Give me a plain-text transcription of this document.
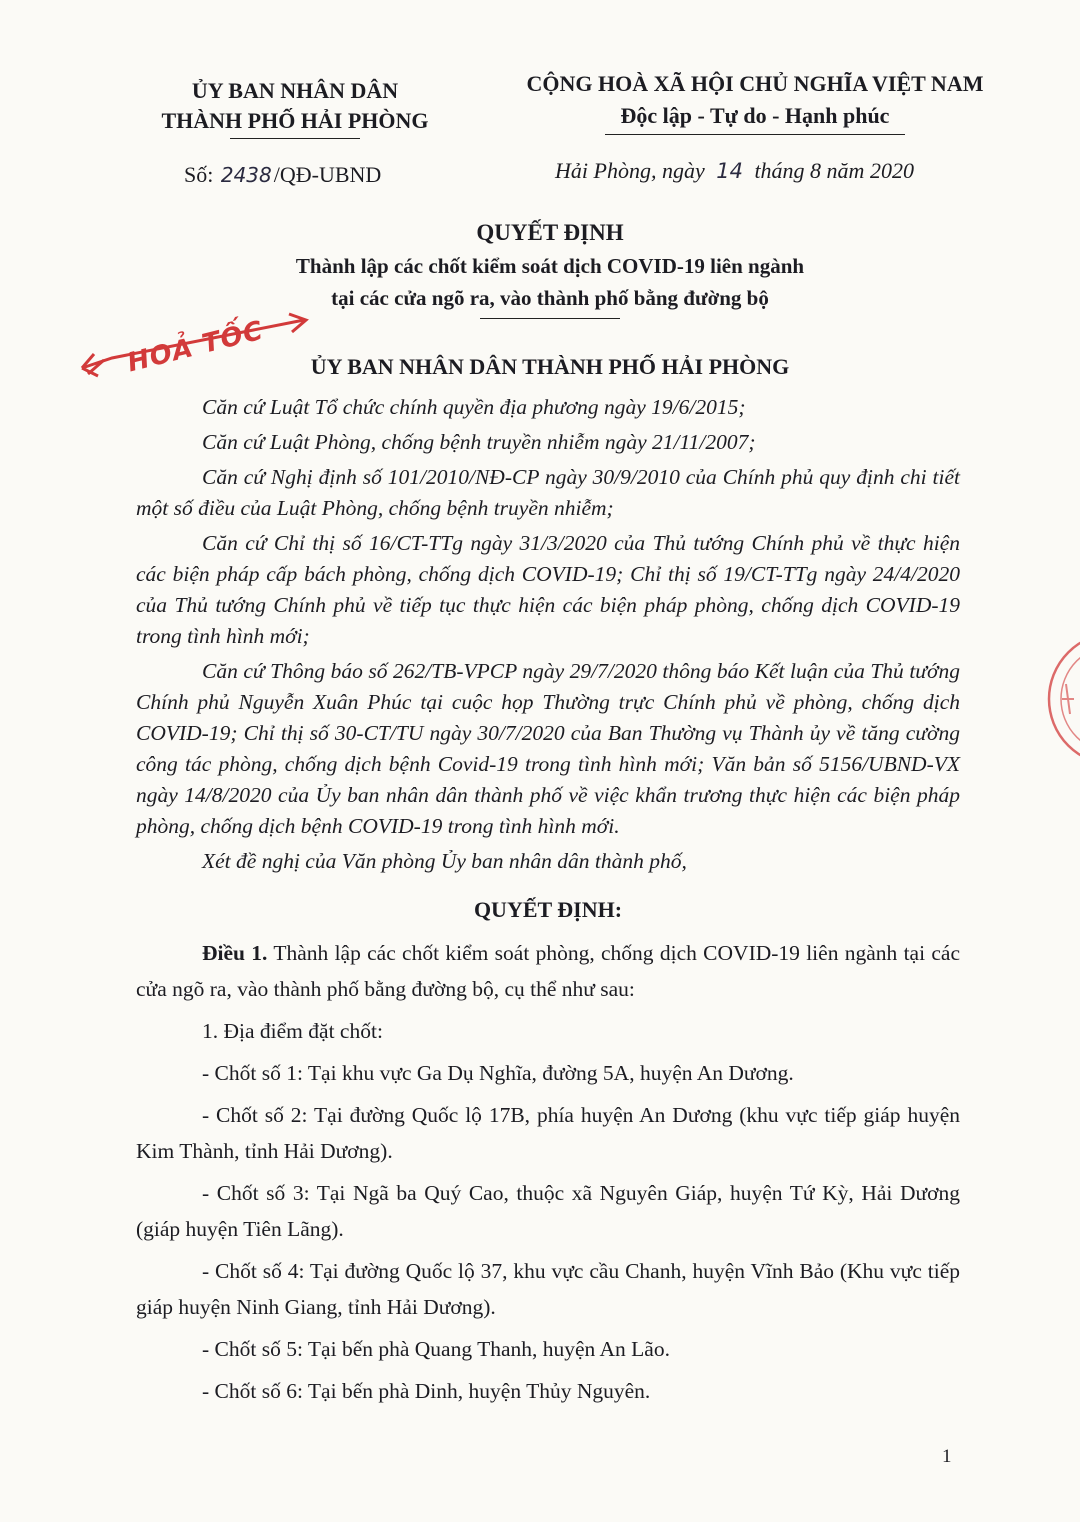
ỦY BAN NHÂN DÂN
THÀNH PHỐ HẢI PHÒNG
CỘNG HOÀ XÃ HỘI CHỦ NGHĨA VIỆT NAM
Độc lập - Tự do - Hạnh phúc
Số: 2438/QĐ-UBND	Hải Phòng, ngày 14 tháng 8 năm 2020
QUYẾT ĐỊNH
Thành lập các chốt kiểm soát dịch COVID-19 liên ngành
tại các cửa ngõ ra, vào thành phố bằng đường bộ
HOẢ TỐC	ỦY BAN NHÂN DÂN THÀNH PHỐ HẢI PHÒNG

Căn cứ Luật Tổ chức chính quyền địa phương ngày 19/6/2015;

Căn cứ Luật Phòng, chống bệnh truyền nhiễm ngày 21/11/2007;

Căn cứ Nghị định số 101/2010/NĐ-CP ngày 30/9/2010 của Chính phủ quy định chi tiết một số điều của Luật Phòng, chống bệnh truyền nhiễm;

Căn cứ Chỉ thị số 16/CT-TTg ngày 31/3/2020 của Thủ tướng Chính phủ về thực hiện các biện pháp cấp bách phòng, chống dịch COVID-19; Chỉ thị số 19/CT-TTg ngày 24/4/2020 của Thủ tướng Chính phủ về tiếp tục thực hiện các biện pháp phòng, chống dịch COVID-19 trong tình hình mới;

Căn cứ Thông báo số 262/TB-VPCP ngày 29/7/2020 thông báo Kết luận của Thủ tướng Chính phủ Nguyễn Xuân Phúc tại cuộc họp Thường trực Chính phủ về phòng, chống dịch COVID-19; Chỉ thị số 30-CT/TU ngày 30/7/2020 của Ban Thường vụ Thành ủy về tăng cường công tác phòng, chống dịch bệnh Covid-19 trong tình hình mới; Văn bản số 5156/UBND-VX ngày 14/8/2020 của Ủy ban nhân dân thành phố về việc khẩn trương thực hiện các biện pháp phòng, chống dịch bệnh COVID-19 trong tình hình mới.

Xét đề nghị của Văn phòng Ủy ban nhân dân thành phố,

QUYẾT ĐỊNH:

Điều 1. Thành lập các chốt kiểm soát phòng, chống dịch COVID-19 liên ngành tại các cửa ngõ ra, vào thành phố bằng đường bộ, cụ thể như sau:

1. Địa điểm đặt chốt:

- Chốt số 1: Tại khu vực Ga Dụ Nghĩa, đường 5A, huyện An Dương.

- Chốt số 2: Tại đường Quốc lộ 17B, phía huyện An Dương (khu vực tiếp giáp huyện Kim Thành, tỉnh Hải Dương).

- Chốt số 3: Tại Ngã ba Quý Cao, thuộc xã Nguyên Giáp, huyện Tứ Kỳ, Hải Dương (giáp huyện Tiên Lãng).

- Chốt số 4: Tại đường Quốc lộ 37, khu vực cầu Chanh, huyện Vĩnh Bảo (Khu vực tiếp giáp huyện Ninh Giang, tỉnh Hải Dương).

- Chốt số 5: Tại bến phà Quang Thanh, huyện An Lão.

- Chốt số 6: Tại bến phà Dinh, huyện Thủy Nguyên.

1
